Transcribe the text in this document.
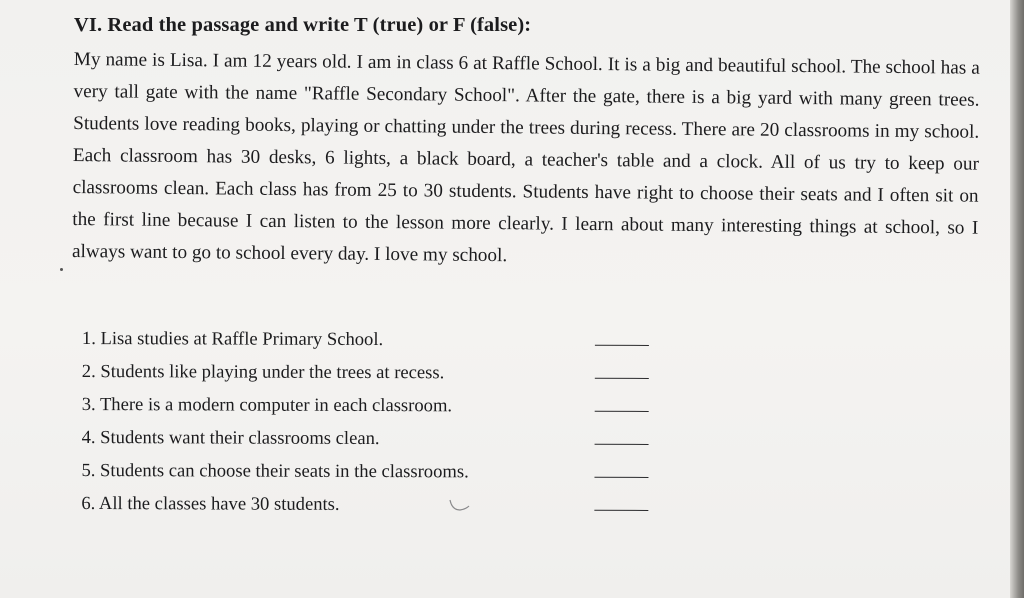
VI. Read the passage and write T (true) or F (false):

My name is Lisa. I am 12 years old. I am in class 6 at Raffle School. It is a big and beautiful school. The school has a very tall gate with the name "Raffle Secondary School". After the gate, there is a big yard with many green trees. Students love reading books, playing or chatting under the trees during recess. There are 20 classrooms in my school. Each classroom has 30 desks, 6 lights, a black board, a teacher's table and a clock. All of us try to keep our classrooms clean. Each class has from 25 to 30 students. Students have right to choose their seats and I often sit on the first line because I can listen to the lesson more clearly. I learn about many interesting things at school, so I always want to go to school every day. I love my school.

1. Lisa studies at Raffle Primary School.
2. Students like playing under the trees at recess.
3. There is a modern computer in each classroom.
4. Students want their classrooms clean.
5. Students can choose their seats in the classrooms.
6. All the classes have 30 students.
